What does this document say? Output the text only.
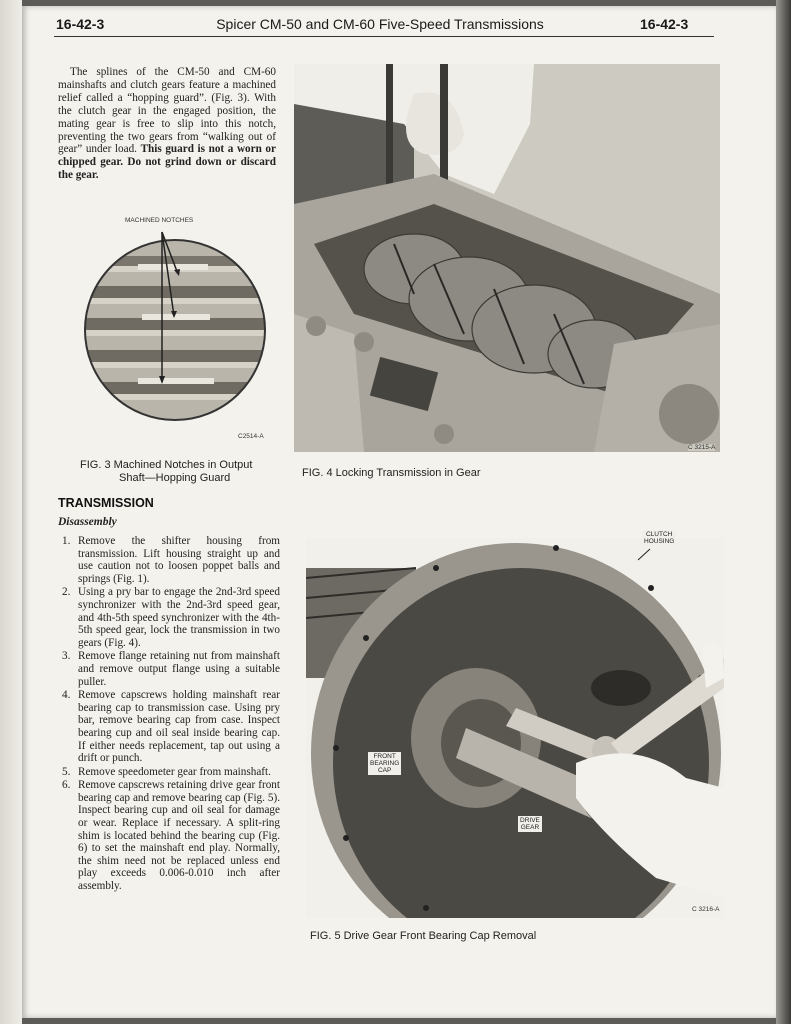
16-42-3	Spicer CM-50 and CM-60 Five-Speed Transmissions	16-42-3

The splines of the CM-50 and CM-60 mainshafts and clutch gears feature a machined relief called a “hopping guard”. (Fig. 3). With the clutch gear in the engaged position, the mating gear is free to slip into this notch, preventing the two gears from “walking out of gear” under load. This guard is not a worn or chipped gear. Do not grind down or discard the gear.

MACHINED NOTCHES
C2514-A
FIG. 3 Machined Notches in Output
Shaft—Hopping Guard
C 3215-A
FIG. 4 Locking Transmission in Gear
TRANSMISSION
Disassembly
1. Remove the shifter housing from transmission. Lift housing straight up and use caution not to loosen poppet balls and springs (Fig. 1).
2. Using a pry bar to engage the 2nd-3rd speed synchronizer with the 2nd-3rd speed gear, and 4th-5th speed synchronizer with the 4th-5th speed gear, lock the transmission in two gears (Fig. 4).
3. Remove flange retaining nut from mainshaft and remove output flange using a suitable puller.
4. Remove capscrews holding mainshaft rear bearing cap to transmission case. Using pry bar, remove bearing cap from case. Inspect bearing cup and oil seal inside bearing cap. If either needs replacement, tap out using a drift or punch.
5. Remove speedometer gear from mainshaft.
6. Remove capscrews retaining drive gear front bearing cap and remove bearing cap (Fig. 5). Inspect bearing cup and oil seal for damage or wear. Replace if necessary. A split-ring shim is located behind the bearing cup (Fig. 6) to set the mainshaft end play. Normally, the shim need not be replaced unless end play exceeds 0.006-0.010 inch after assembly.
CLUTCH
HOUSING
FRONT
BEARING
CAP
DRIVE
GEAR
C 3216-A
FIG. 5 Drive Gear Front Bearing Cap Removal
